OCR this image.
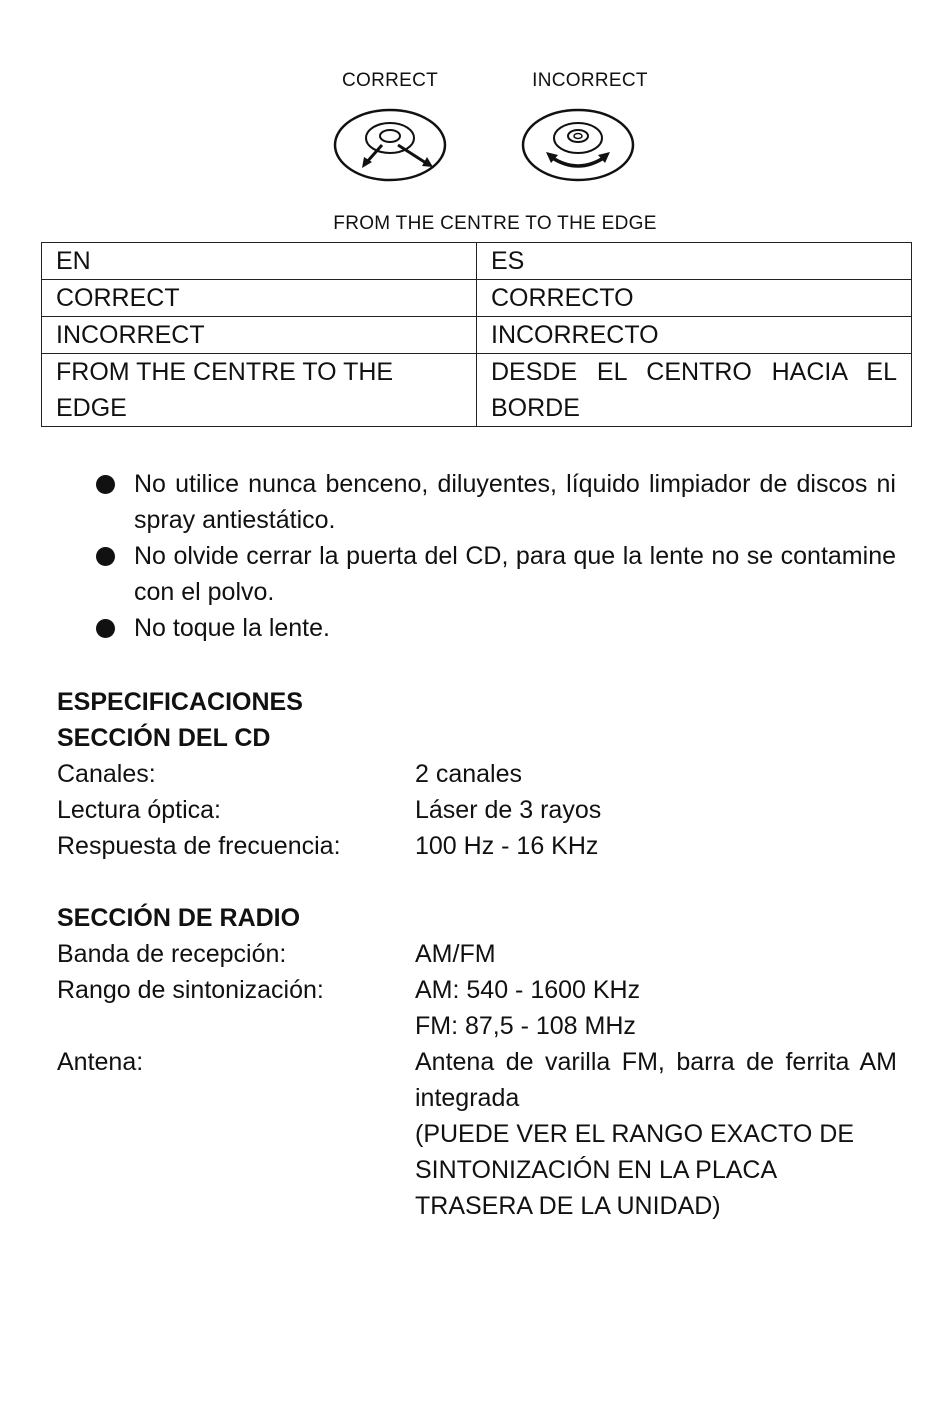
CORRECT	INCORRECT
FROM THE CENTRE TO THE EDGE
EN	ES
CORRECT	CORRECTO
INCORRECT	INCORRECTO
FROM THE CENTRE TO THE EDGE	DESDE EL CENTRO HACIA EL BORDE
No utilice nunca benceno, diluyentes, líquido limpiador de discos ni spray antiestático.
No olvide cerrar la puerta del CD, para que la lente no se contamine con el polvo.
No toque la lente.
ESPECIFICACIONES
SECCIÓN DEL CD
Canales:	2 canales
Lectura óptica:	Láser de 3 rayos
Respuesta de frecuencia:	100 Hz - 16 KHz
SECCIÓN DE RADIO
Banda de recepción:	AM/FM
Rango de sintonización:	AM: 540 - 1600 KHz
FM: 87,5 - 108 MHz
Antena:	Antena de varilla FM, barra de ferrita AM integrada
(PUEDE VER EL RANGO EXACTO DE SINTONIZACIÓN EN LA PLACA TRASERA DE LA UNIDAD)
